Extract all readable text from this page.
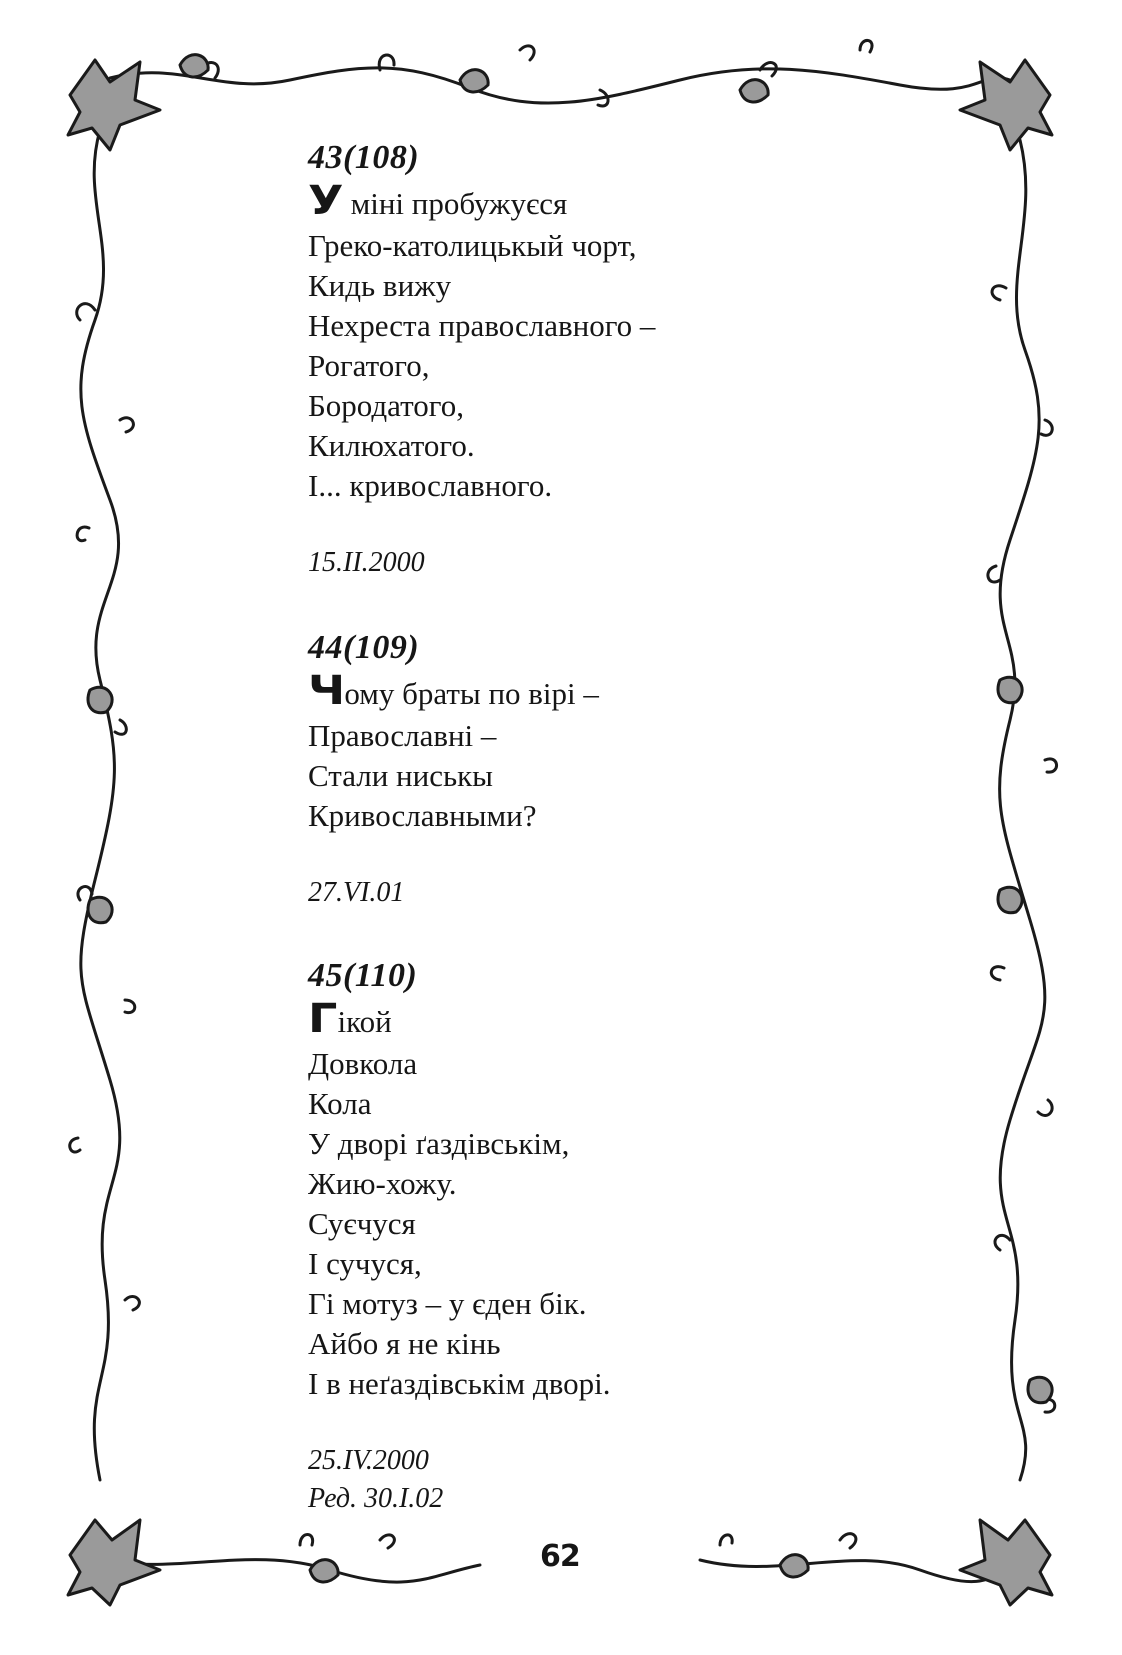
43(108)
У міні пробужуєся
Греко-католицькый чорт,
Кидь вижу
Нехреста православного –
Рогатого,
Бородатого,
Килюхатого.
І... кривославного.
15.ІІ.2000
44(109)
Чому браты по вірі –
Православні –
Стали ниськы
Кривославными?
27.VІ.01
45(110)
Гікой
Довкола
Кола
У дворі ґаздівськім,
Жию-хожу.
Суєчуся
І сучуся,
Гі мотуз – у єден бік.
Айбо я не кінь
І в неґаздівськім дворі.
25.ІV.2000
Ред. 30.І.02
62
